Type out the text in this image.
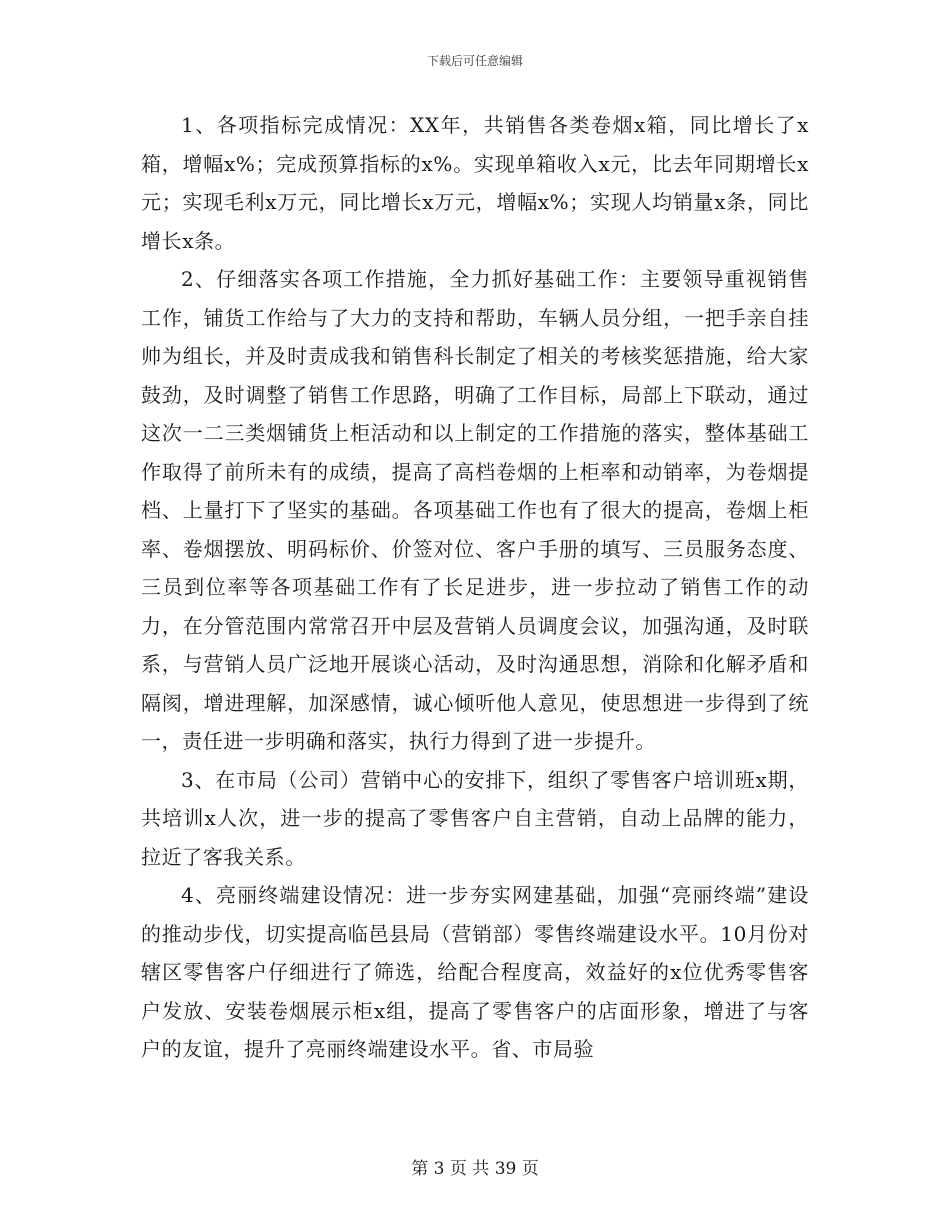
下载后可任意编辑

1、各项指标完成情况：XX年，共销售各类卷烟x箱，同比增长了x箱，增幅x%；完成预算指标的x%。实现单箱收入x元，比去年同期增长x元；实现毛利x万元，同比增长x万元，增幅x%；实现人均销量x条，同比增长x条。

2、仔细落实各项工作措施，全力抓好基础工作：主要领导重视销售工作，铺货工作给与了大力的支持和帮助，车辆人员分组，一把手亲自挂帅为组长，并及时责成我和销售科长制定了相关的考核奖惩措施，给大家鼓劲，及时调整了销售工作思路，明确了工作目标，局部上下联动，通过这次一二三类烟铺货上柜活动和以上制定的工作措施的落实，整体基础工作取得了前所未有的成绩，提高了高档卷烟的上柜率和动销率，为卷烟提档、上量打下了坚实的基础。各项基础工作也有了很大的提高，卷烟上柜率、卷烟摆放、明码标价、价签对位、客户手册的填写、三员服务态度、三员到位率等各项基础工作有了长足进步，进一步拉动了销售工作的动力，在分管范围内常常召开中层及营销人员调度会议，加强沟通，及时联系，与营销人员广泛地开展谈心活动，及时沟通思想，消除和化解矛盾和隔阂，增进理解，加深感情，诚心倾听他人意见，使思想进一步得到了统一，责任进一步明确和落实，执行力得到了进一步提升。

3、在市局（公司）营销中心的安排下，组织了零售客户培训班x期，共培训x人次，进一步的提高了零售客户自主营销，自动上品牌的能力，拉近了客我关系。

4、亮丽终端建设情况：进一步夯实网建基础，加强“亮丽终端”建设的推动步伐，切实提高临邑县局（营销部）零售终端建设水平。10月份对辖区零售客户仔细进行了筛选，给配合程度高，效益好的x位优秀零售客户发放、安装卷烟展示柜x组，提高了零售客户的店面形象，增进了与客户的友谊，提升了亮丽终端建设水平。省、市局验

第 3 页 共 39 页
